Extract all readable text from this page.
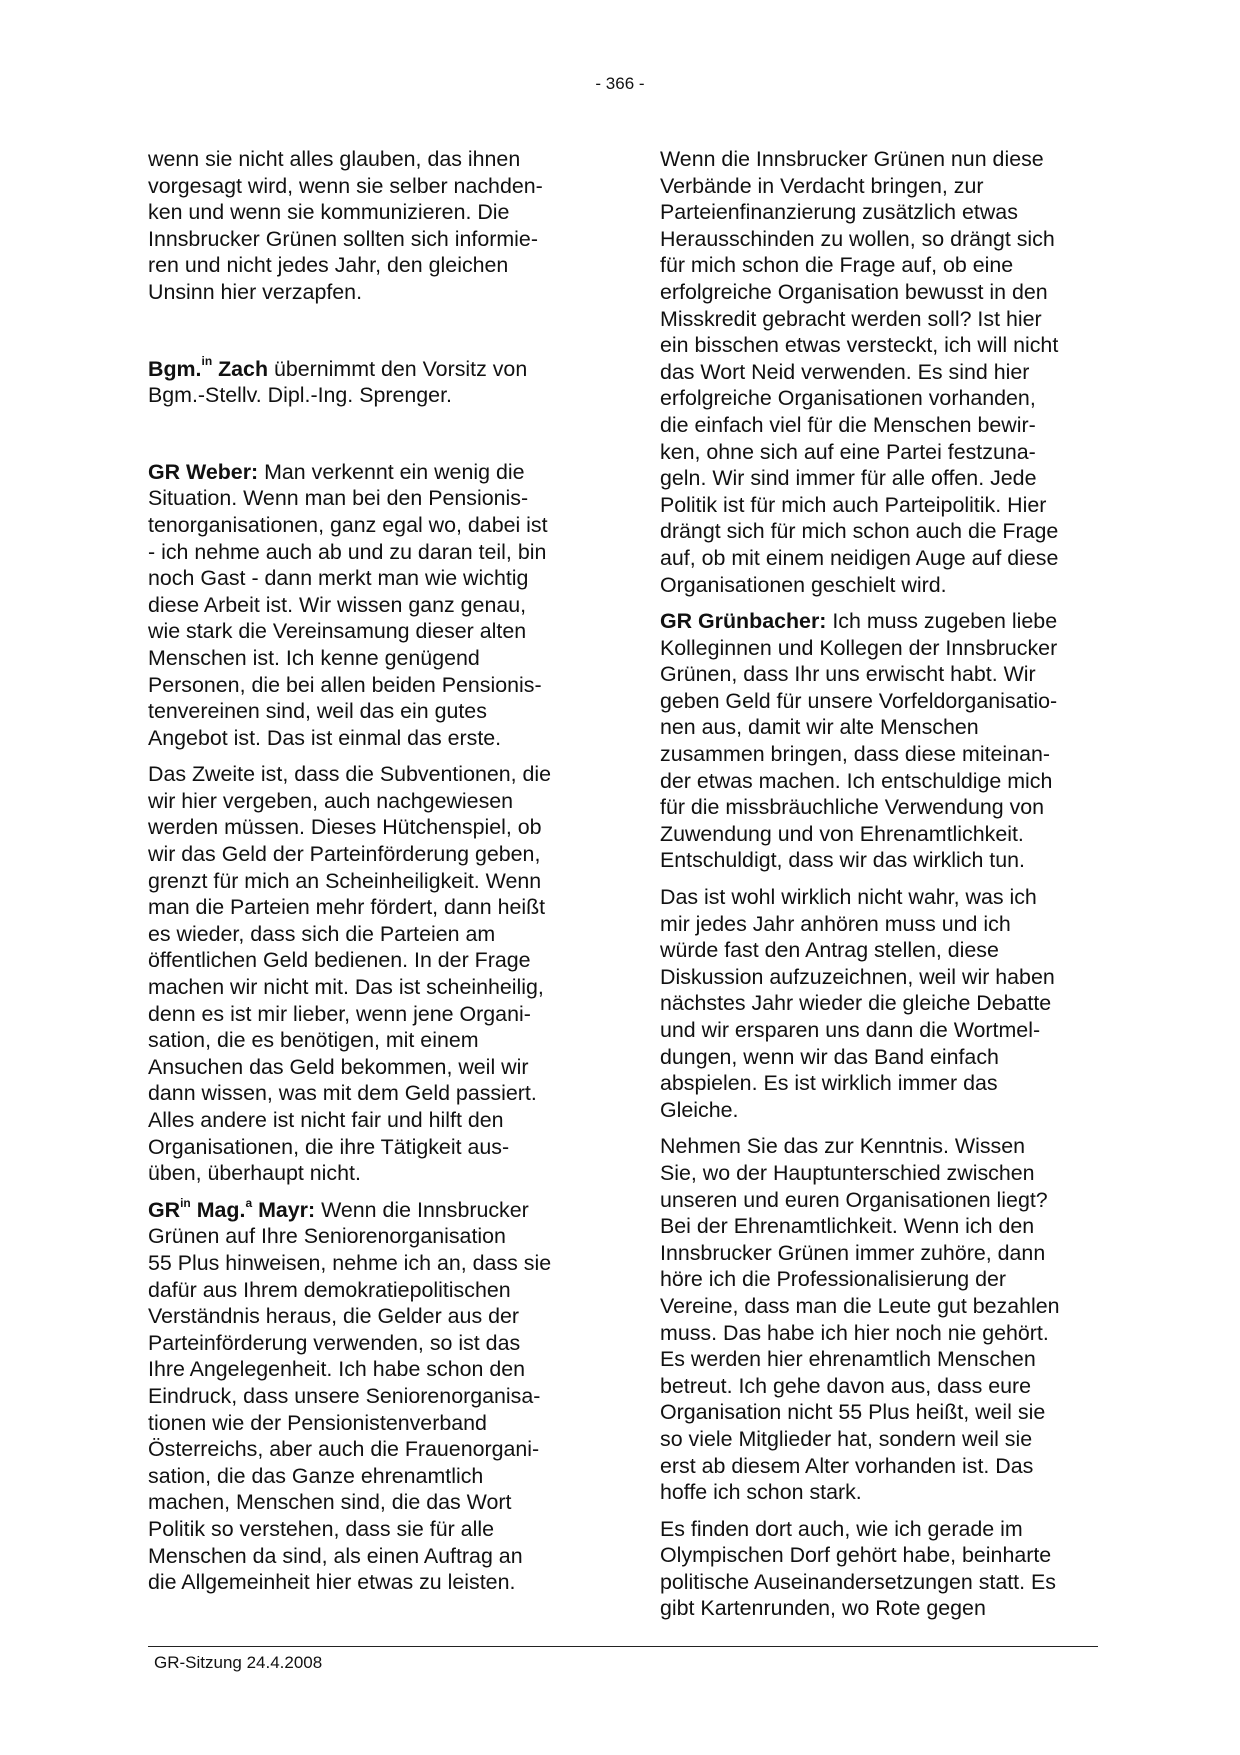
- 366 -

wenn sie nicht alles glauben, das ihnen
vorgesagt wird, wenn sie selber nachden-
ken und wenn sie kommunizieren. Die
Innsbrucker Grünen sollten sich informie-
ren und nicht jedes Jahr, den gleichen
Unsinn hier verzapfen.

Bgm.$^{in}$ Zach übernimmt den Vorsitz von
Bgm.-Stellv. Dipl.-Ing. Sprenger.

GR Weber: Man verkennt ein wenig die
Situation. Wenn man bei den Pensionis-
tenorganisationen, ganz egal wo, dabei ist
- ich nehme auch ab und zu daran teil, bin
noch Gast - dann merkt man wie wichtig
diese Arbeit ist. Wir wissen ganz genau,
wie stark die Vereinsamung dieser alten
Menschen ist. Ich kenne genügend
Personen, die bei allen beiden Pensionis-
tenvereinen sind, weil das ein gutes
Angebot ist. Das ist einmal das erste.

Das Zweite ist, dass die Subventionen, die
wir hier vergeben, auch nachgewiesen
werden müssen. Dieses Hütchenspiel, ob
wir das Geld der Parteinförderung geben,
grenzt für mich an Scheinheiligkeit. Wenn
man die Parteien mehr fördert, dann heißt
es wieder, dass sich die Parteien am
öffentlichen Geld bedienen. In der Frage
machen wir nicht mit. Das ist scheinheilig,
denn es ist mir lieber, wenn jene Organi-
sation, die es benötigen, mit einem
Ansuchen das Geld bekommen, weil wir
dann wissen, was mit dem Geld passiert.
Alles andere ist nicht fair und hilft den
Organisationen, die ihre Tätigkeit aus-
üben, überhaupt nicht.

$GR^{in}$ Mag.$^a$ Mayr: Wenn die Innsbrucker
Grünen auf Ihre Seniorenorganisation
55 Plus hinweisen, nehme ich an, dass sie
dafür aus Ihrem demokratiepolitischen
Verständnis heraus, die Gelder aus der
Parteinförderung verwenden, so ist das
Ihre Angelegenheit. Ich habe schon den
Eindruck, dass unsere Seniorenorganisa-
tionen wie der Pensionistenverband
Österreichs, aber auch die Frauenorgani-
sation, die das Ganze ehrenamtlich
machen, Menschen sind, die das Wort
Politik so verstehen, dass sie für alle
Menschen da sind, als einen Auftrag an
die Allgemeinheit hier etwas zu leisten.

Wenn die Innsbrucker Grünen nun diese
Verbände in Verdacht bringen, zur
Parteienfinanzierung zusätzlich etwas
Herausschinden zu wollen, so drängt sich
für mich schon die Frage auf, ob eine
erfolgreiche Organisation bewusst in den
Misskredit gebracht werden soll? Ist hier
ein bisschen etwas versteckt, ich will nicht
das Wort Neid verwenden. Es sind hier
erfolgreiche Organisationen vorhanden,
die einfach viel für die Menschen bewir-
ken, ohne sich auf eine Partei festzuna-
geln. Wir sind immer für alle offen. Jede
Politik ist für mich auch Parteipolitik. Hier
drängt sich für mich schon auch die Frage
auf, ob mit einem neidigen Auge auf diese
Organisationen geschielt wird.

GR Grünbacher: Ich muss zugeben liebe
Kolleginnen und Kollegen der Innsbrucker
Grünen, dass Ihr uns erwischt habt. Wir
geben Geld für unsere Vorfeldorganisatio-
nen aus, damit wir alte Menschen
zusammen bringen, dass diese miteinan-
der etwas machen. Ich entschuldige mich
für die missbräuchliche Verwendung von
Zuwendung und von Ehrenamtlichkeit.
Entschuldigt, dass wir das wirklich tun.

Das ist wohl wirklich nicht wahr, was ich
mir jedes Jahr anhören muss und ich
würde fast den Antrag stellen, diese
Diskussion aufzuzeichnen, weil wir haben
nächstes Jahr wieder die gleiche Debatte
und wir ersparen uns dann die Wortmel-
dungen, wenn wir das Band einfach
abspielen. Es ist wirklich immer das
Gleiche.

Nehmen Sie das zur Kenntnis. Wissen
Sie, wo der Hauptunterschied zwischen
unseren und euren Organisationen liegt?
Bei der Ehrenamtlichkeit. Wenn ich den
Innsbrucker Grünen immer zuhöre, dann
höre ich die Professionalisierung der
Vereine, dass man die Leute gut bezahlen
muss. Das habe ich hier noch nie gehört.
Es werden hier ehrenamtlich Menschen
betreut. Ich gehe davon aus, dass eure
Organisation nicht 55 Plus heißt, weil sie
so viele Mitglieder hat, sondern weil sie
erst ab diesem Alter vorhanden ist. Das
hoffe ich schon stark.

Es finden dort auch, wie ich gerade im
Olympischen Dorf gehört habe, beinharte
politische Auseinandersetzungen statt. Es
gibt Kartenrunden, wo Rote gegen

GR-Sitzung 24.4.2008
